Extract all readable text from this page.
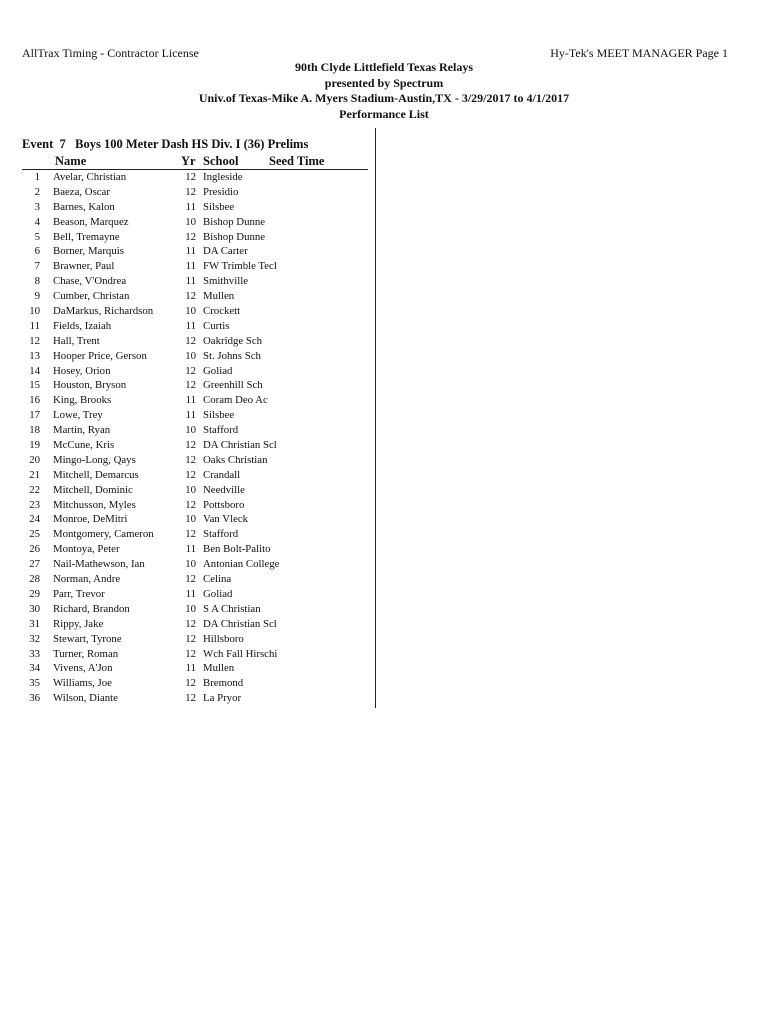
AllTrax Timing - Contractor License	Hy-Tek's MEET MANAGER Page 1
90th Clyde Littlefield Texas Relays
presented by Spectrum
Univ.of Texas-Mike A. Myers Stadium-Austin,TX - 3/29/2017 to 4/1/2017
Performance List
Event  7   Boys 100 Meter Dash HS Div. I (36) Prelims
Name	Yr School Seed Time
1 Avelar, Christian	12 Ingleside
2 Baeza, Oscar	12 Presidio
3 Barnes, Kalon	11 Silsbee
4 Beason, Marquez	10 Bishop Dunne
5 Bell, Tremayne	12 Bishop Dunne
6 Borner, Marquis	11 DA Carter
7 Brawner, Paul	11 FW Trimble Tecl
8 Chase, V'Ondrea	11 Smithville
9 Cumber, Christan	12 Mullen
10 DaMarkus, Richardson	10 Crockett
11 Fields, Izaiah	11 Curtis
12 Hall, Trent	12 Oakridge Sch
13 Hooper Price, Gerson	10 St. Johns Sch
14 Hosey, Orion	12 Goliad
15 Houston, Bryson	12 Greenhill Sch
16 King, Brooks	11 Coram Deo Ac
17 Lowe, Trey	11 Silsbee
18 Martin, Ryan	10 Stafford
19 McCune, Kris	12 DA Christian Scl
20 Mingo-Long, Qays	12 Oaks Christian
21 Mitchell, Demarcus	12 Crandall
22 Mitchell, Dominic	10 Needville
23 Mitchusson, Myles	12 Pottsboro
24 Monroe, DeMitri	10 Van Vleck
25 Montgomery, Cameron	12 Stafford
26 Montoya, Peter	11 Ben Bolt-Palito
27 Nail-Mathewson, Ian	10 Antonian College
28 Norman, Andre	12 Celina
29 Parr, Trevor	11 Goliad
30 Richard, Brandon	10 S A Christian
31 Rippy, Jake	12 DA Christian Scl
32 Stewart, Tyrone	12 Hillsboro
33 Turner, Roman	12 Wch Fall Hirschi
34 Vivens, A'Jon	11 Mullen
35 Williams, Joe	12 Bremond
36 Wilson, Diante	12 La Pryor
